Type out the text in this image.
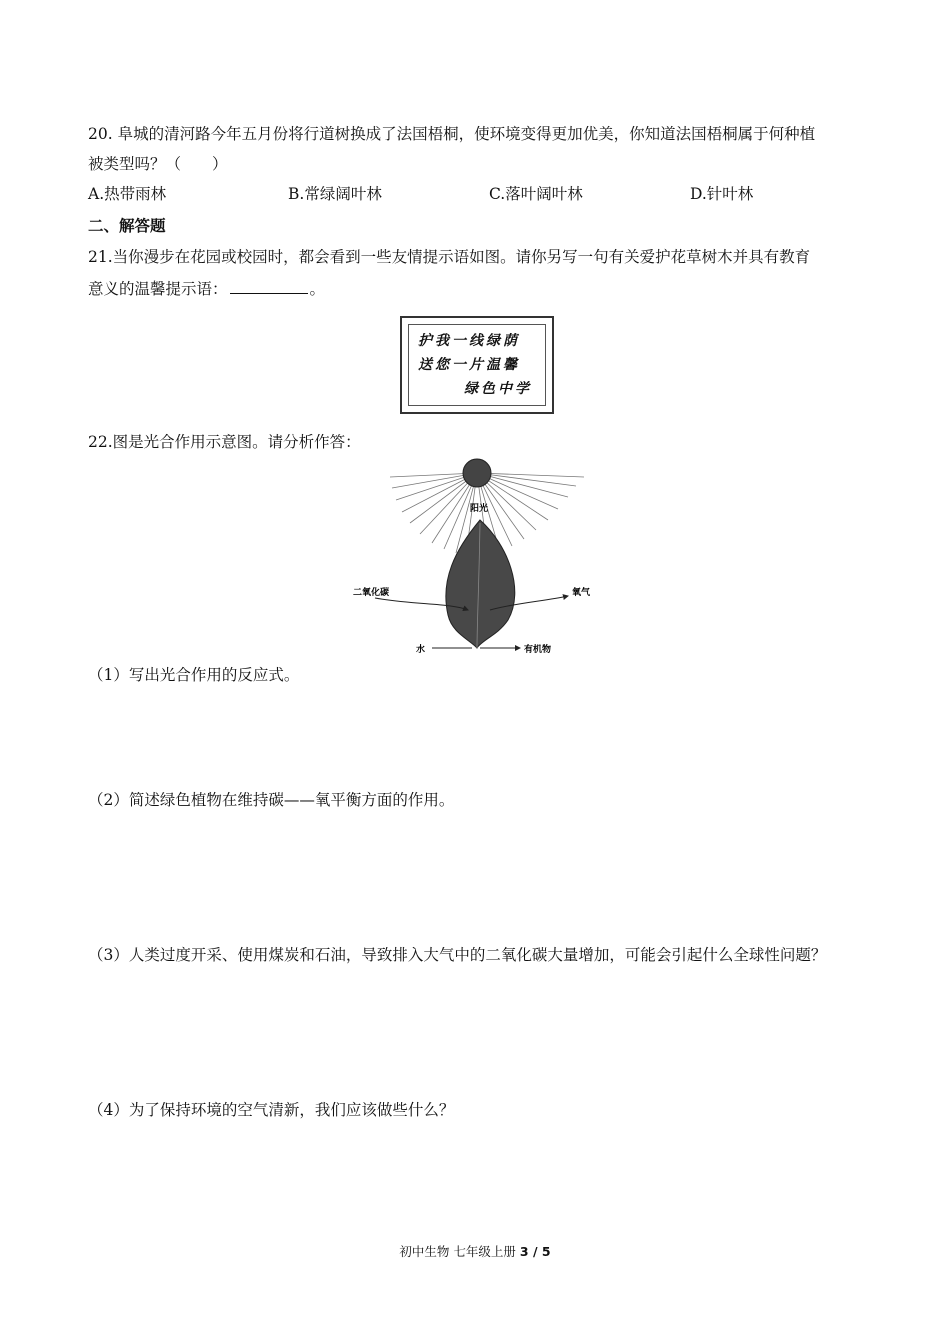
20. 阜城的清河路今年五月份将行道树换成了法国梧桐，使环境变得更加优美，你知道法国梧桐属于何种植
被类型吗？（　　）
A.热带雨林	B.常绿阔叶林	C.落叶阔叶林	D.针叶林
二、解答题
21.当你漫步在花园或校园时，都会看到一些友情提示语如图。请你另写一句有关爱护花草树木并具有教育
意义的温馨提示语：	。
护我一线绿荫
送您一片温馨
绿色中学
22.图是光合作用示意图。请分析作答：
阳光
二氧化碳	氧气
水	有机物
（1）写出光合作用的反应式。
（2）简述绿色植物在维持碳——氧平衡方面的作用。
（3）人类过度开采、使用煤炭和石油，导致排入大气中的二氧化碳大量增加，可能会引起什么全球性问题？
（4）为了保持环境的空气清新，我们应该做些什么？
初中生物 七年级上册 3 / 5
